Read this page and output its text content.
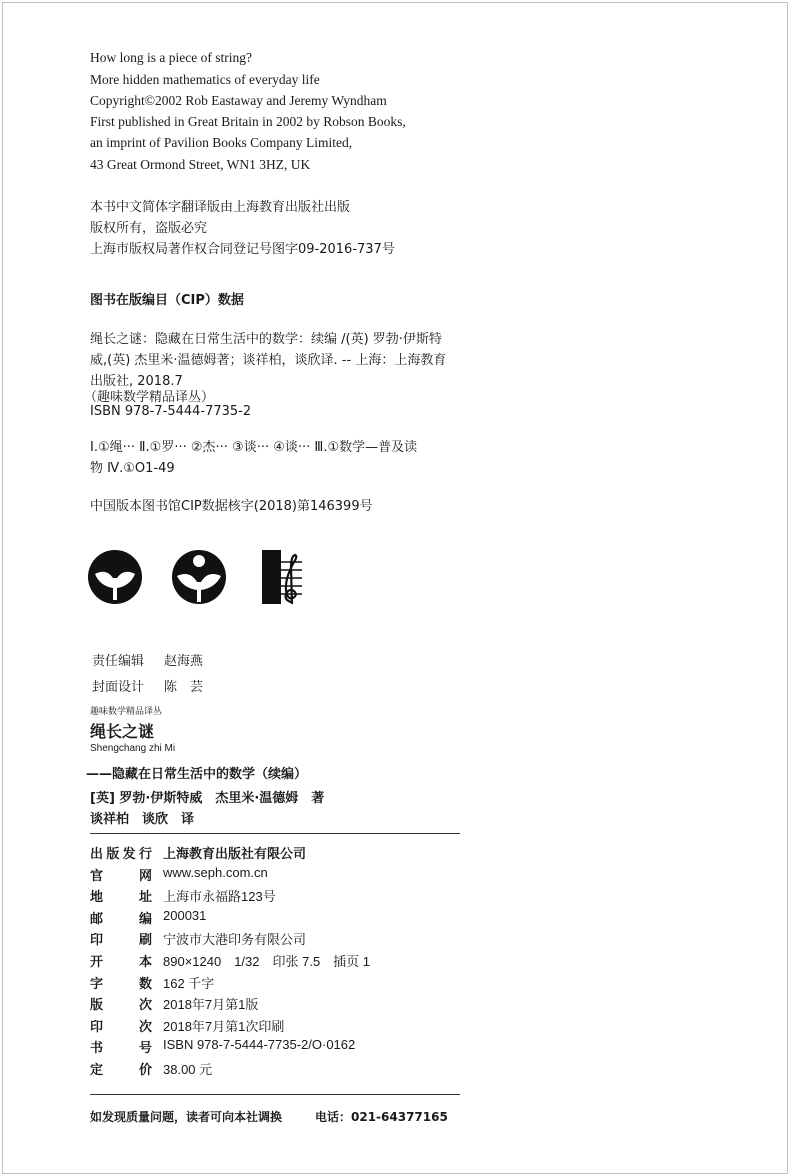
How long is a piece of string?
More hidden mathematics of everyday life
Copyright©2002 Rob Eastaway and Jeremy Wyndham
First published in Great Britain in 2002 by Robson Books,
an imprint of Pavilion Books Company Limited,
43 Great Ormond Street, WN1 3HZ, UK
本书中文简体字翻译版由上海教育出版社出版
版权所有，盗版必究
上海市版权局著作权合同登记号图字09-2016-737号
图书在版编目（CIP）数据
绳长之谜：隐藏在日常生活中的数学：续编 /(英) 罗勃·伊斯特
威,(英) 杰里米·温德姆著；谈祥柏，谈欣译. -- 上海：上海教育
出版社, 2018.7
（趣味数学精品译丛）
ISBN 978-7-5444-7735-2
Ⅰ.①绳··· Ⅱ.①罗··· ②杰··· ③谈··· ④谈··· Ⅲ.①数学—普及读
物 Ⅳ.①O1-49
中国版本图书馆CIP数据核字(2018)第146399号
责任编辑 赵海燕
封面设计 陈　芸
趣味数学精品译丛
绳长之谜
Shengchang zhi Mi
——隐藏在日常生活中的数学（续编）
[英] 罗勃·伊斯特威　杰里米·温德姆　著
谈祥柏　谈欣　译
出 版 发 行 上海教育出版社有限公司
官	网 www.seph.com.cn
地	址 上海市永福路123号
邮	编 200031
印	刷 宁波市大港印务有限公司
开	本 890×1240　1/32　印张 7.5　插页 1
字	数 162 千字
版	次 2018年7月第1版
印	次 2018年7月第1次印刷
书	号 ISBN 978-7-5444-7735-2/O·0162
定	价 38.00 元
如发现质量问题，读者可向本社调换	电话：021-64377165
